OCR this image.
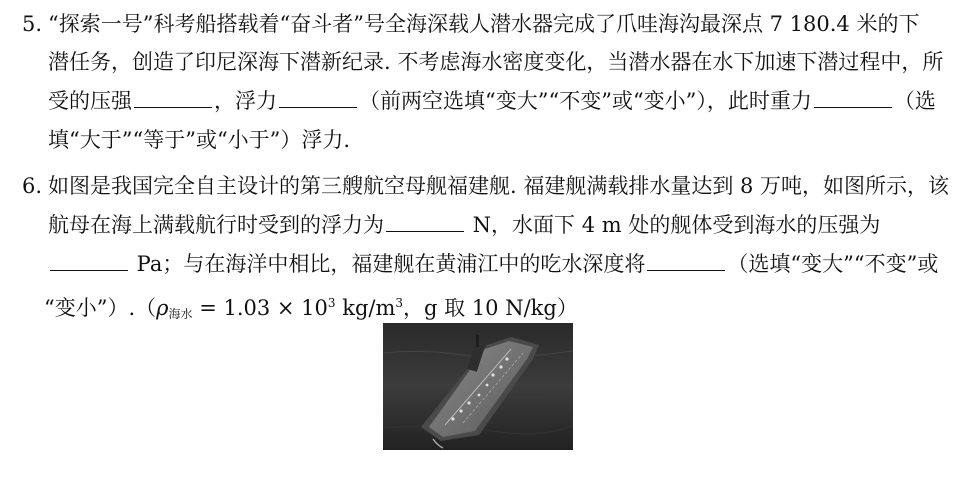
5. “探索一号”科考船搭载着“奋斗者”号全海深载人潜水器完成了爪哇海沟最深点 7 180.4 米的下
潜任务，创造了印尼深海下潜新纪录. 不考虑海水密度变化，当潜水器在水下加速下潜过程中，所
受的压强	，浮力	（前两空选填“变大”“不变”或“变小”），此时重力	（选
填“大于”“等于”或“小于”）浮力.
6. 如图是我国完全自主设计的第三艘航空母舰福建舰. 福建舰满载排水量达到 8 万吨，如图所示，该
航母在海上满载航行时受到的浮力为	N，水面下 4 m 处的舰体受到海水的压强为
Pa；与在海洋中相比，福建舰在黄浦江中的吃水深度将	（选填“变大”“不变”或
“变小$”).(\rho_{海水} = 1.03 \times 10^3$ $kg/m^3$，g 取 10 N/kg）
